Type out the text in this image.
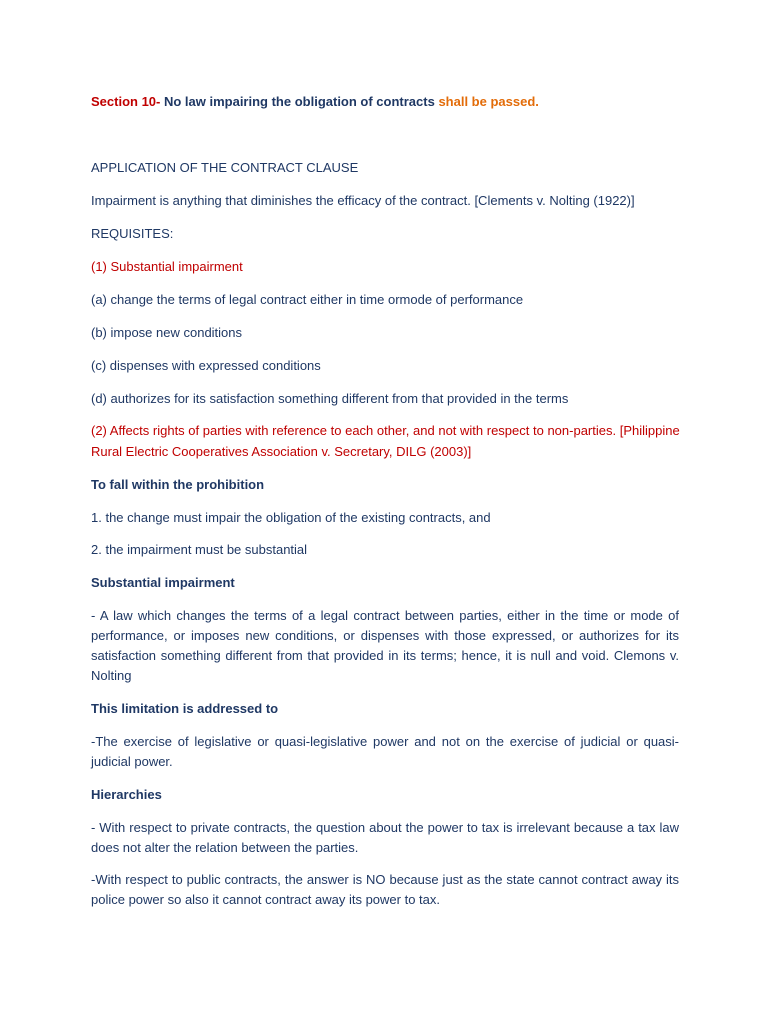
Section 10- No law impairing the obligation of contracts shall be passed.

APPLICATION OF THE CONTRACT CLAUSE

Impairment is anything that diminishes the efficacy of the contract. [Clements v. Nolting (1922)]

REQUISITES:

(1) Substantial impairment

(a) change the terms of legal contract either in time ormode of performance

(b) impose new conditions

(c) dispenses with expressed conditions

(d) authorizes for its satisfaction something different from that provided in the terms

(2) Affects rights of parties with reference to each other, and not with respect to non-parties. [Philippine

Rural Electric Cooperatives Association v. Secretary, DILG (2003)]

To fall within the prohibition

1. the change must impair the obligation of the existing contracts, and

2. the impairment must be substantial

Substantial impairment

- A law which changes the terms of a legal contract between parties, either in the time or mode of performance, or imposes new conditions, or dispenses with those expressed, or authorizes for its satisfaction something different from that provided in its terms; hence, it is null and void. Clemons v. Nolting

This limitation is addressed to

-The exercise of legislative or quasi-legislative power and not on the exercise of judicial or quasi-judicial power.

Hierarchies

- With respect to private contracts, the question about the power to tax is irrelevant because a tax law does not alter the relation between the parties.

-With respect to public contracts, the answer is NO because just as the state cannot contract away its police power so also it cannot contract away its power to tax.
